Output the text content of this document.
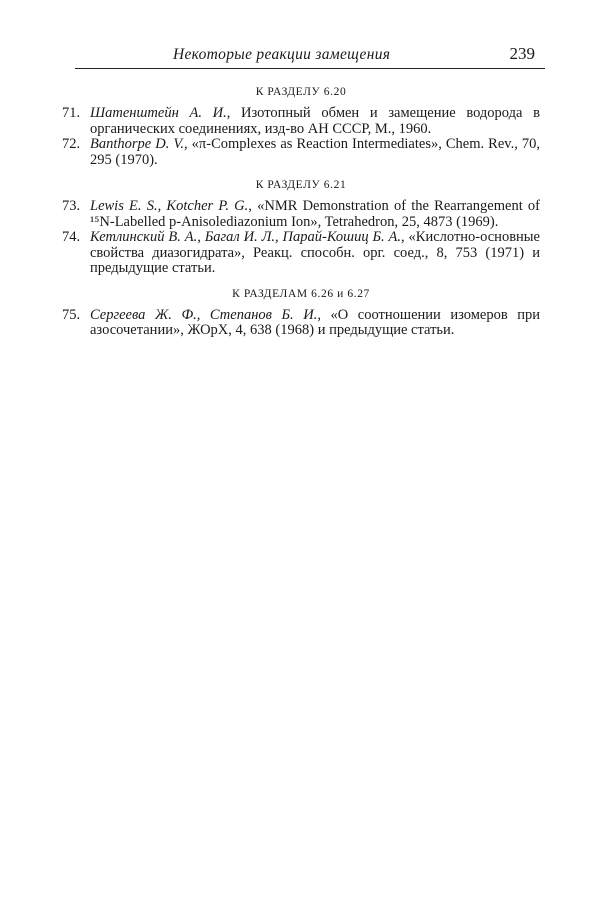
Некоторые реакции замещения	239
К РАЗДЕЛУ 6.20
71. Шатенштейн А. И., Изотопный обмен и замещение водорода в органических соединениях, изд-во АН СССР, М., 1960.
72. Banthorpe D. V., «π-Complexes as Reaction Intermediates», Chem. Rev., 70, 295 (1970).
К РАЗДЕЛУ 6.21
73. Lewis E. S., Kotcher P. G., «NMR Demonstration of the Rearrangement of ¹⁵N-Labelled p-Anisolediazonium Ion», Tetrahedron, 25, 4873 (1969).
74. Кетлинский В. А., Багал И. Л., Парай-Кошиц Б. А., «Кислотно-основные свойства диазогидрата», Реакц. способн. орг. соед., 8, 753 (1971) и предыдущие статьи.
К РАЗДЕЛАМ 6.26 и 6.27
75. Сергеева Ж. Ф., Степанов Б. И., «О соотношении изомеров при азосочетании», ЖОрХ, 4, 638 (1968) и предыдущие статьи.
